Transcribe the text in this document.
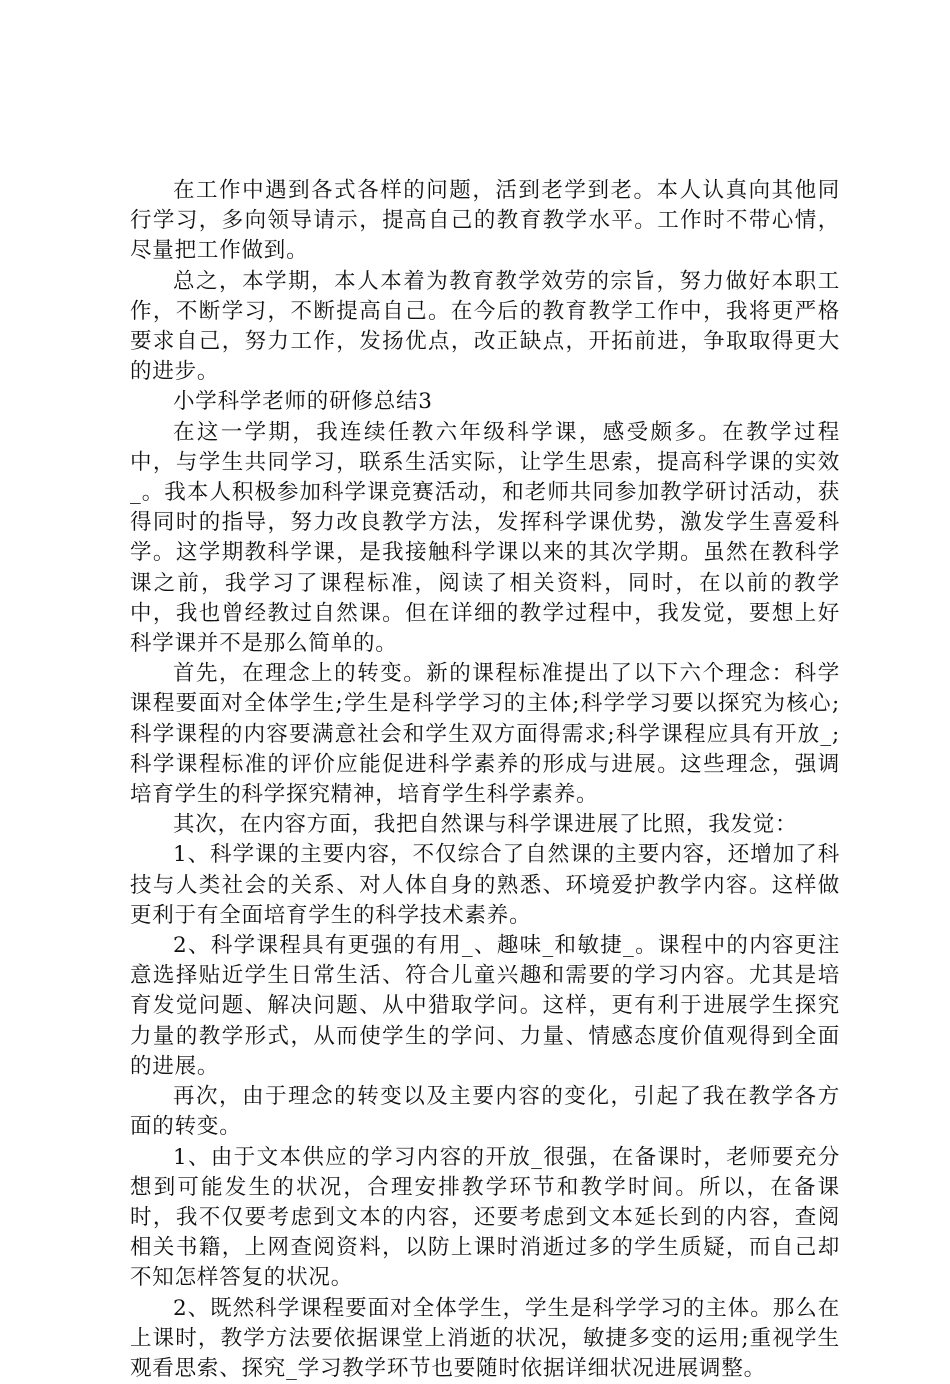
在工作中遇到各式各样的问题，活到老学到老。本人认真向其他同行学习，多向领导请示，提高自己的教育教学水平。工作时不带心情，尽量把工作做到。

总之，本学期，本人本着为教育教学效劳的宗旨，努力做好本职工作，不断学习，不断提高自己。在今后的教育教学工作中，我将更严格要求自己，努力工作，发扬优点，改正缺点，开拓前进，争取取得更大的进步。

小学科学老师的研修总结3

在这一学期，我连续任教六年级科学课，感受颇多。在教学过程中，与学生共同学习，联系生活实际，让学生思索，提高科学课的实效_。我本人积极参加科学课竞赛活动，和老师共同参加教学研讨活动，获得同时的指导，努力改良教学方法，发挥科学课优势，激发学生喜爱科学。这学期教科学课，是我接触科学课以来的其次学期。虽然在教科学课之前，我学习了课程标准，阅读了相关资料，同时，在以前的教学中，我也曾经教过自然课。但在详细的教学过程中，我发觉，要想上好科学课并不是那么简单的。

首先，在理念上的转变。新的课程标准提出了以下六个理念：科学课程要面对全体学生;学生是科学学习的主体;科学学习要以探究为核心;科学课程的内容要满意社会和学生双方面得需求;科学课程应具有开放_;科学课程标准的评价应能促进科学素养的形成与进展。这些理念，强调培育学生的科学探究精神，培育学生科学素养。

其次，在内容方面，我把自然课与科学课进展了比照，我发觉：

1、科学课的主要内容，不仅综合了自然课的主要内容，还增加了科技与人类社会的关系、对人体自身的熟悉、环境爱护教学内容。这样做更利于有全面培育学生的科学技术素养。

2、科学课程具有更强的有用_、趣味_和敏捷_。课程中的内容更注意选择贴近学生日常生活、符合儿童兴趣和需要的学习内容。尤其是培育发觉问题、解决问题、从中猎取学问。这样，更有利于进展学生探究力量的教学形式，从而使学生的学问、力量、情感态度价值观得到全面的进展。

再次，由于理念的转变以及主要内容的变化，引起了我在教学各方面的转变。

1、由于文本供应的学习内容的开放_很强，在备课时，老师要充分想到可能发生的状况，合理安排教学环节和教学时间。所以，在备课时，我不仅要考虑到文本的内容，还要考虑到文本延长到的内容，查阅相关书籍，上网查阅资料，以防上课时消逝过多的学生质疑，而自己却不知怎样答复的状况。

2、既然科学课程要面对全体学生，学生是科学学习的主体。那么在上课时，教学方法要依据课堂上消逝的状况，敏捷多变的运用;重视学生观看思索、探究_学习教学环节也要随时依据详细状况进展调整。
